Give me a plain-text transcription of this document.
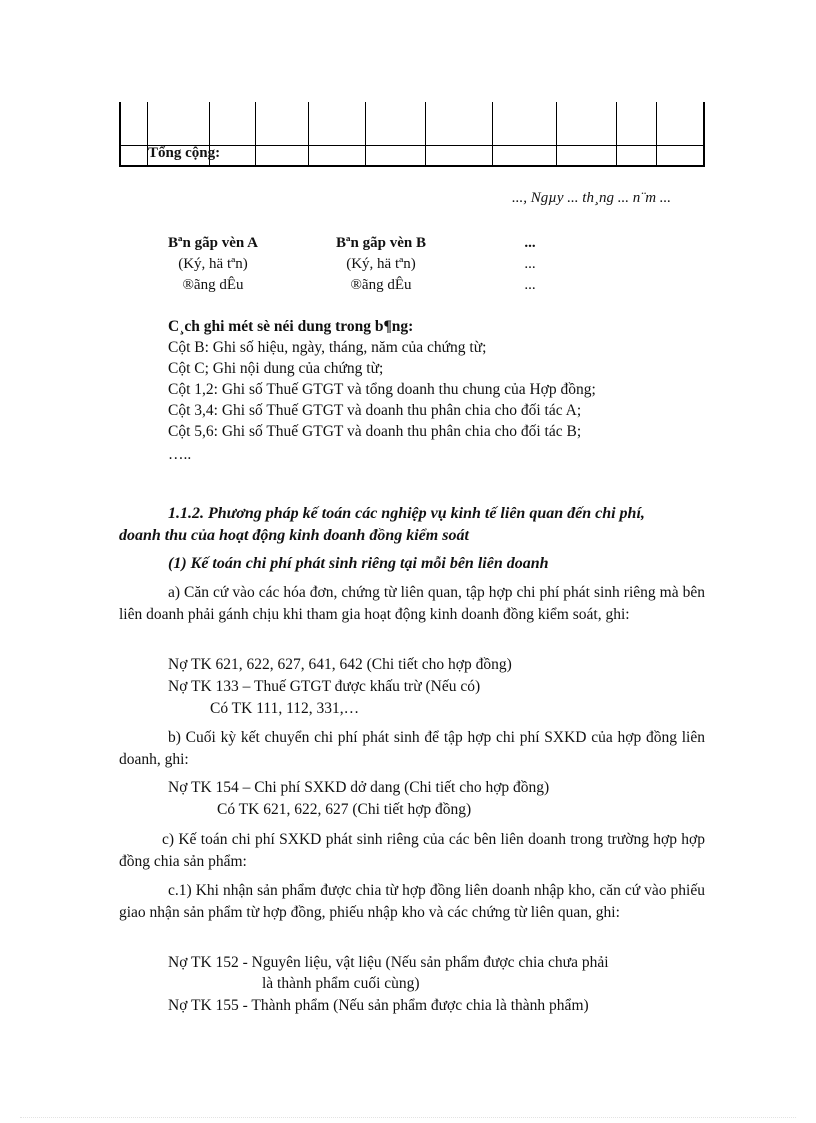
Tổng cộng:
..., Ngµy ... th¸ng ... n¨m ...
Bªn gãp vèn A
(Ký, hä tªn)
®ãng dÊu
Bªn gãp vèn B
(Ký, hä tªn)
®ãng dÊu
...
...
...
C¸ch ghi mét sè néi dung trong b¶ng:
Cột B: Ghi số hiệu, ngày, tháng, năm của chứng từ;
Cột C; Ghi nội dung của chứng từ;
Cột 1,2: Ghi số Thuế GTGT và tổng doanh thu chung của Hợp đồng;
Cột 3,4: Ghi số Thuế GTGT và doanh thu phân chia cho đối tác A;
Cột 5,6: Ghi số Thuế GTGT và doanh thu phân chia cho đối tác B;
…..
1.1.2. Phương pháp kế toán các nghiệp vụ kinh tế liên quan đến chi phí,
doanh thu của hoạt động kinh doanh đồng kiểm soát
(1) Kế toán chi phí phát sinh riêng tại mỗi bên liên doanh
a) Căn cứ vào các hóa đơn, chứng từ liên quan, tập hợp chi phí phát sinh riêng mà bên liên doanh phải gánh chịu khi tham gia hoạt động kinh doanh đồng kiểm soát, ghi:
Nợ TK 621, 622, 627, 641, 642 (Chi tiết cho hợp đồng)
Nợ TK 133 – Thuế GTGT được khấu trừ (Nếu có)
Có TK 111, 112, 331,…
b) Cuối kỳ kết chuyển chi phí phát sinh để tập hợp chi phí SXKD của hợp đồng liên doanh, ghi:
Nợ TK 154 – Chi phí SXKD dở dang (Chi tiết cho hợp đồng)
Có TK 621, 622, 627 (Chi tiết hợp đồng)
c) Kế toán chi phí SXKD phát sinh riêng của các bên liên doanh trong trường hợp hợp đồng chia sản phẩm:
c.1) Khi nhận sản phẩm được chia từ hợp đồng liên doanh nhập kho, căn cứ vào phiếu giao nhận sản phẩm từ hợp đồng, phiếu nhập kho và các chứng từ liên quan, ghi:
Nợ TK 152 - Nguyên liệu, vật liệu (Nếu sản phẩm được chia chưa phải
là thành phẩm cuối cùng)
Nợ TK 155 - Thành phẩm (Nếu sản phẩm được chia là thành phẩm)
